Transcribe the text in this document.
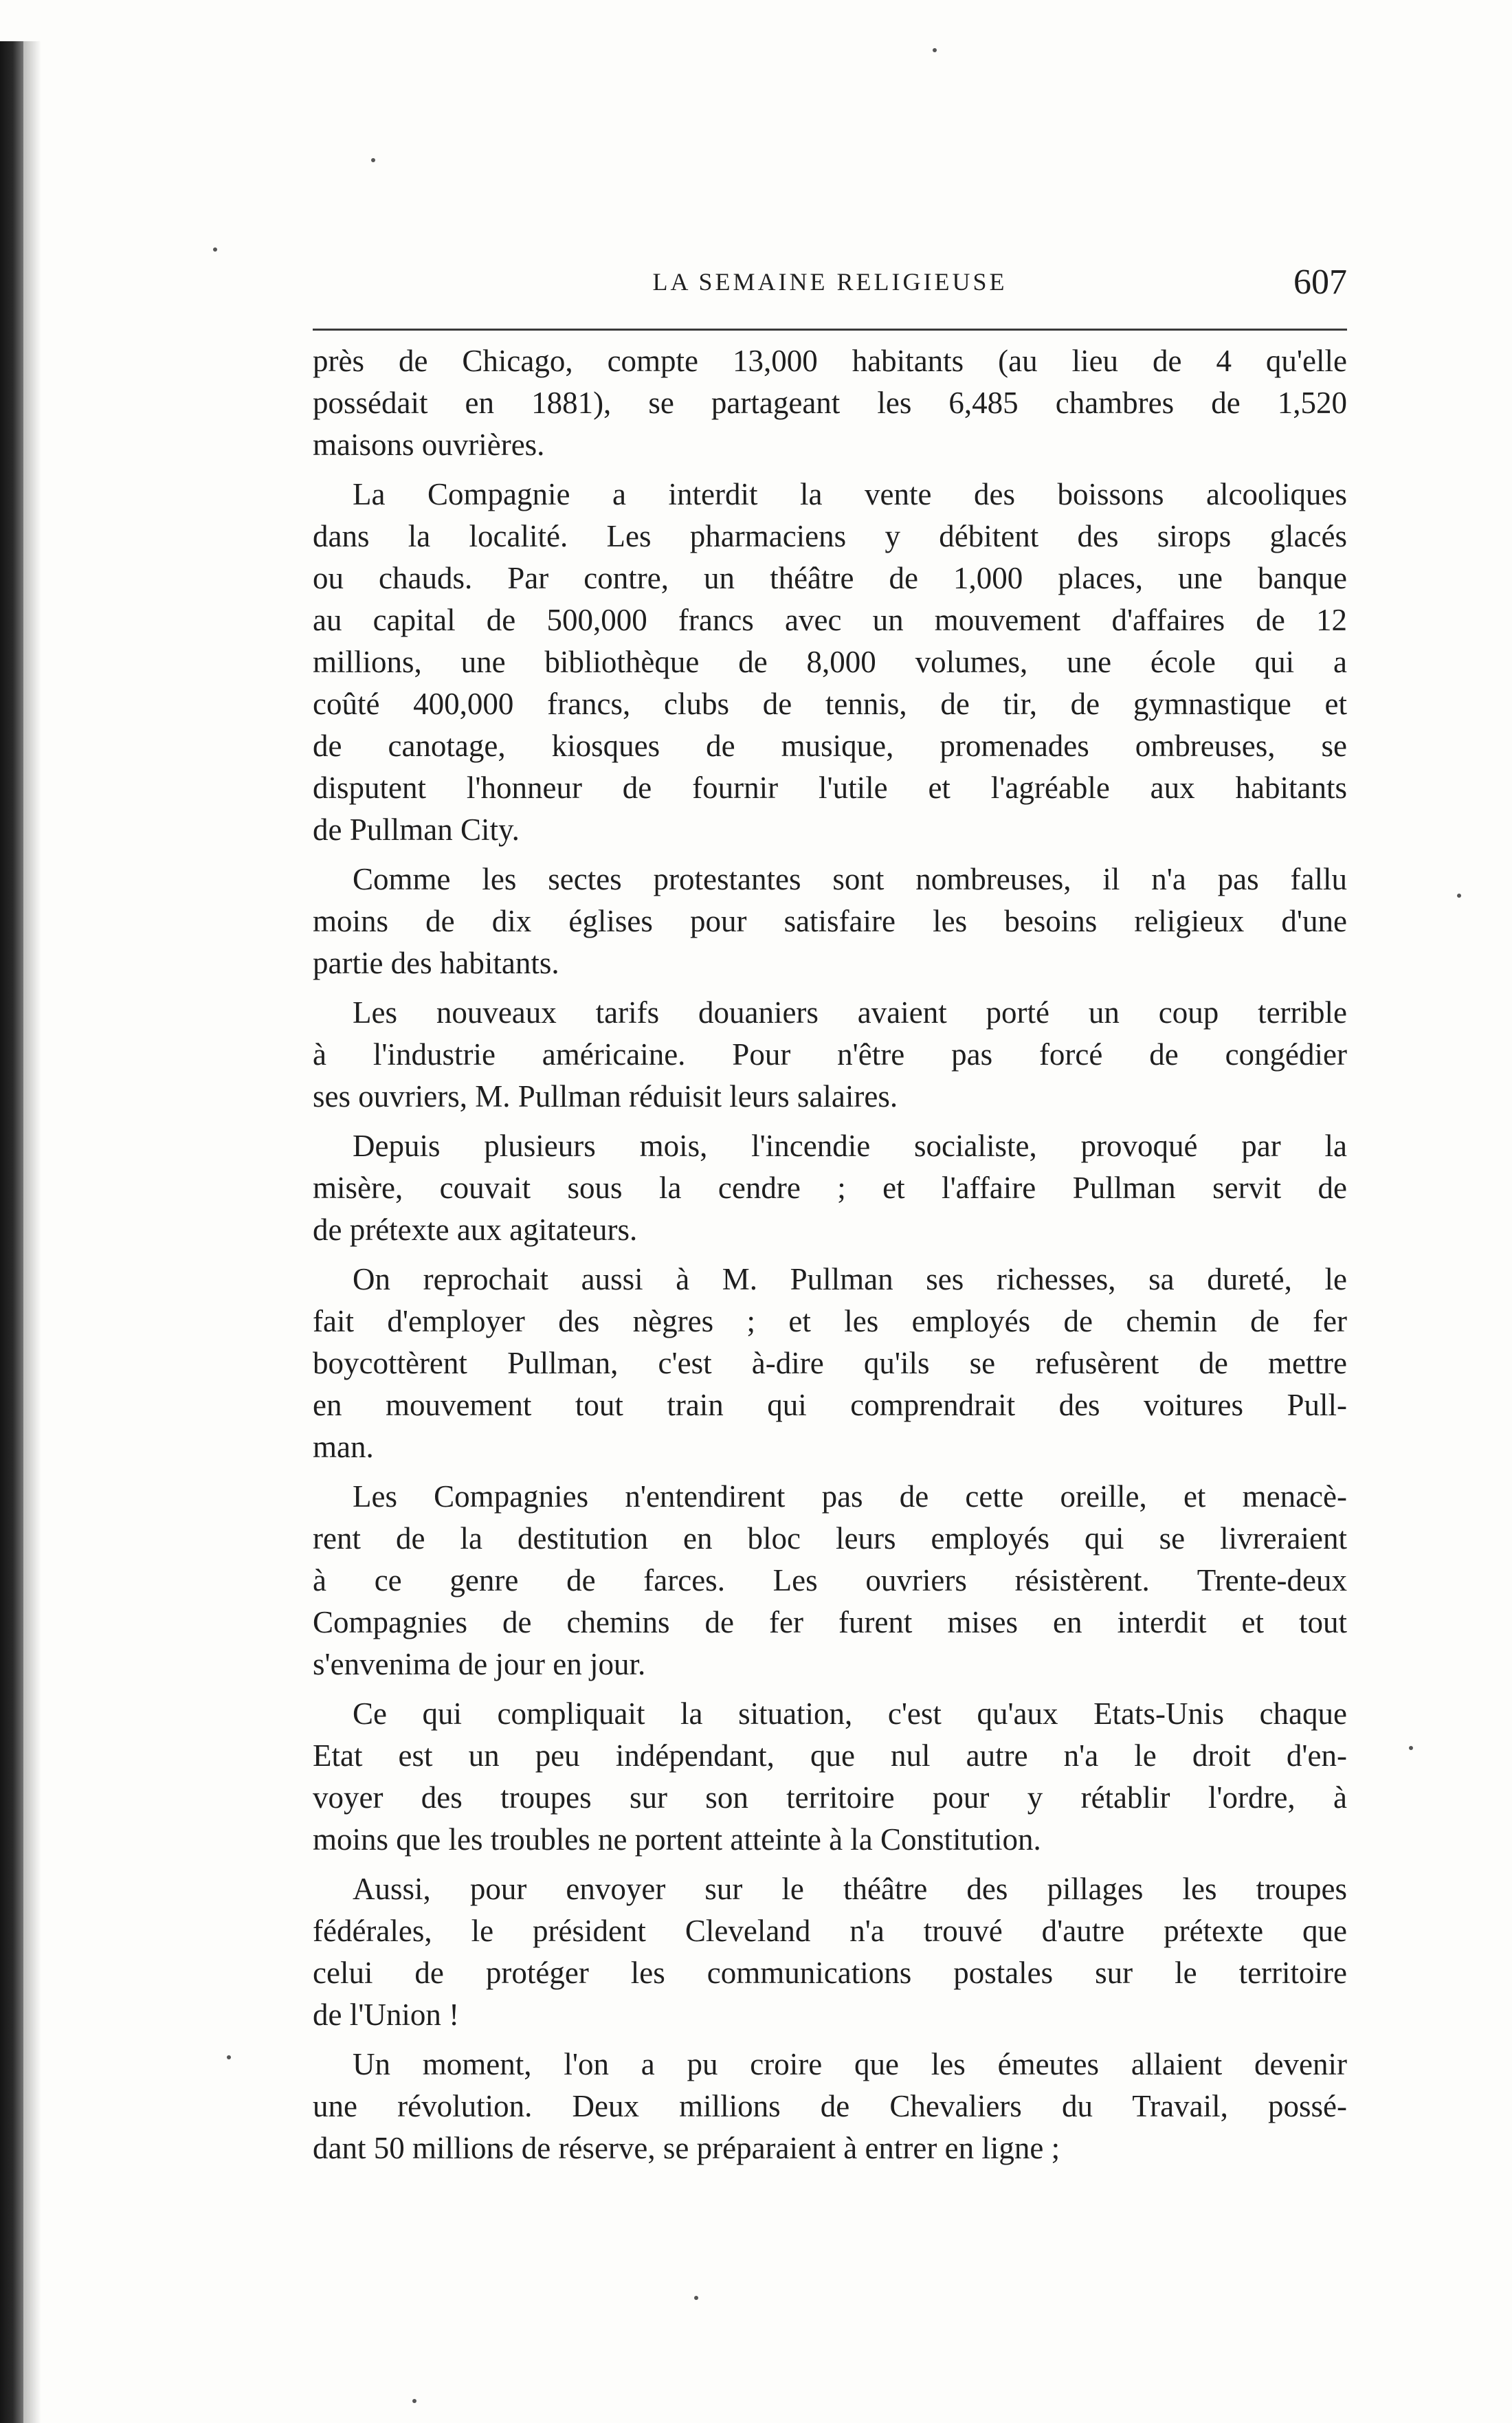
LA SEMAINE RELIGIEUSE	607
près de Chicago, compte 13,000 habitants (au lieu de 4 qu'elle
possédait en 1881), se partageant les 6,485 chambres de 1,520
maisons ouvrières.
La Compagnie a interdit la vente des boissons alcooliques
dans la localité. Les pharmaciens y débitent des sirops glacés
ou chauds. Par contre, un théâtre de 1,000 places, une banque
au capital de 500,000 francs avec un mouvement d'affaires de 12
millions, une bibliothèque de 8,000 volumes, une école qui a
coûté 400,000 francs, clubs de tennis, de tir, de gymnastique et
de canotage, kiosques de musique, promenades ombreuses, se
disputent l'honneur de fournir l'utile et l'agréable aux habitants
de Pullman City.
Comme les sectes protestantes sont nombreuses, il n'a pas fallu
moins de dix églises pour satisfaire les besoins religieux d'une
partie des habitants.
Les nouveaux tarifs douaniers avaient porté un coup terrible
à l'industrie américaine. Pour n'être pas forcé de congédier
ses ouvriers, M. Pullman réduisit leurs salaires.
Depuis plusieurs mois, l'incendie socialiste, provoqué par la
misère, couvait sous la cendre ; et l'affaire Pullman servit de
de prétexte aux agitateurs.
On reprochait aussi à M. Pullman ses richesses, sa dureté, le
fait d'employer des nègres ; et les employés de chemin de fer
boycottèrent Pullman, c'est à-dire qu'ils se refusèrent de mettre
en mouvement tout train qui comprendrait des voitures Pull-
man.
Les Compagnies n'entendirent pas de cette oreille, et menacè-
rent de la destitution en bloc leurs employés qui se livreraient
à ce genre de farces. Les ouvriers résistèrent. Trente-deux
Compagnies de chemins de fer furent mises en interdit et tout
s'envenima de jour en jour.
Ce qui compliquait la situation, c'est qu'aux Etats-Unis chaque
Etat est un peu indépendant, que nul autre n'a le droit d'en-
voyer des troupes sur son territoire pour y rétablir l'ordre, à
moins que les troubles ne portent atteinte à la Constitution.
Aussi, pour envoyer sur le théâtre des pillages les troupes
fédérales, le président Cleveland n'a trouvé d'autre prétexte que
celui de protéger les communications postales sur le territoire
de l'Union !
Un moment, l'on a pu croire que les émeutes allaient devenir
une révolution. Deux millions de Chevaliers du Travail, possé-
dant 50 millions de réserve, se préparaient à entrer en ligne ;
